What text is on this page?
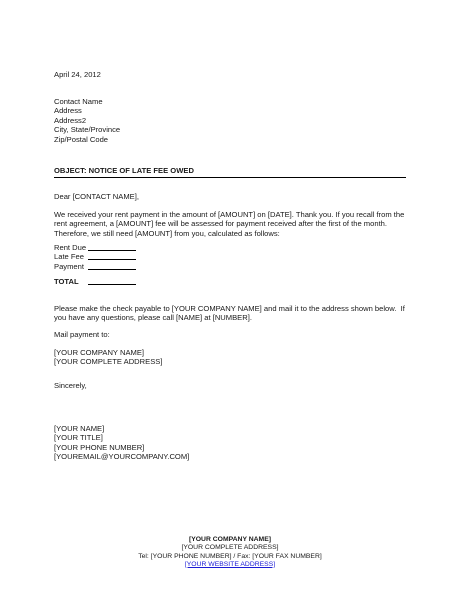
April 24, 2012
Contact Name
Address
Address2
City, State/Province
Zip/Postal Code
OBJECT: NOTICE OF LATE FEE OWED
Dear [CONTACT NAME],
We received your rent payment in the amount of [AMOUNT] on [DATE]. Thank you. If you recall from the
rent agreement, a [AMOUNT] fee will be assessed for payment received after the first of the month.
Therefore, we still need [AMOUNT] from you, calculated as follows:
Rent Due
Late Fee
Payment
TOTAL
Please make the check payable to [YOUR COMPANY NAME] and mail it to the address shown below.  If
you have any questions, please call [NAME] at [NUMBER].
Mail payment to:
[YOUR COMPANY NAME]
[YOUR COMPLETE ADDRESS]
Sincerely,
[YOUR NAME]
[YOUR TITLE]
[YOUR PHONE NUMBER]
[YOUREMAIL@YOURCOMPANY.COM]
[YOUR COMPANY NAME]
[YOUR COMPLETE ADDRESS]
Tel: [YOUR PHONE NUMBER] / Fax: [YOUR FAX NUMBER]
[YOUR WEBSITE ADDRESS]
